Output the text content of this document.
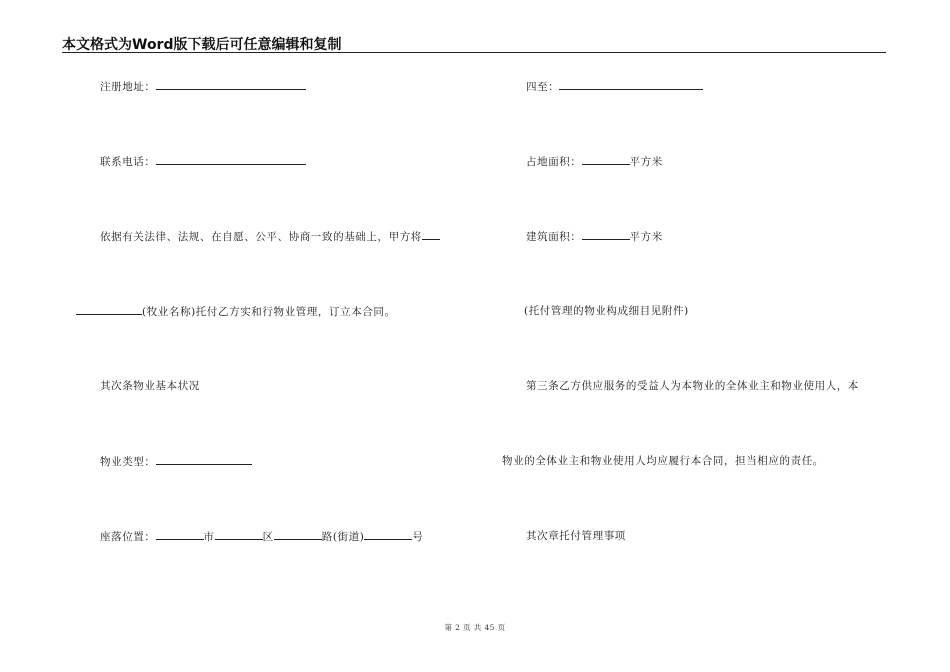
本文格式为Word版下载后可任意编辑和复制
注册地址：
联系电话：
依据有关法律、法规、在自愿、公平、协商一致的基础上，甲方将
(牧业名称)托付乙方实和行物业管理，订立本合同。
其次条物业基本状况
物业类型：
座落位置：	市	区	路(街道)	号
四至：
占地面积：	平方米
建筑面积：	平方米
(托付管理的物业构成细目见附件)
第三条乙方供应服务的受益人为本物业的全体业主和物业使用人，本
物业的全体业主和物业使用人均应履行本合同，担当相应的责任。
其次章托付管理事项
第 2 页 共 45 页
